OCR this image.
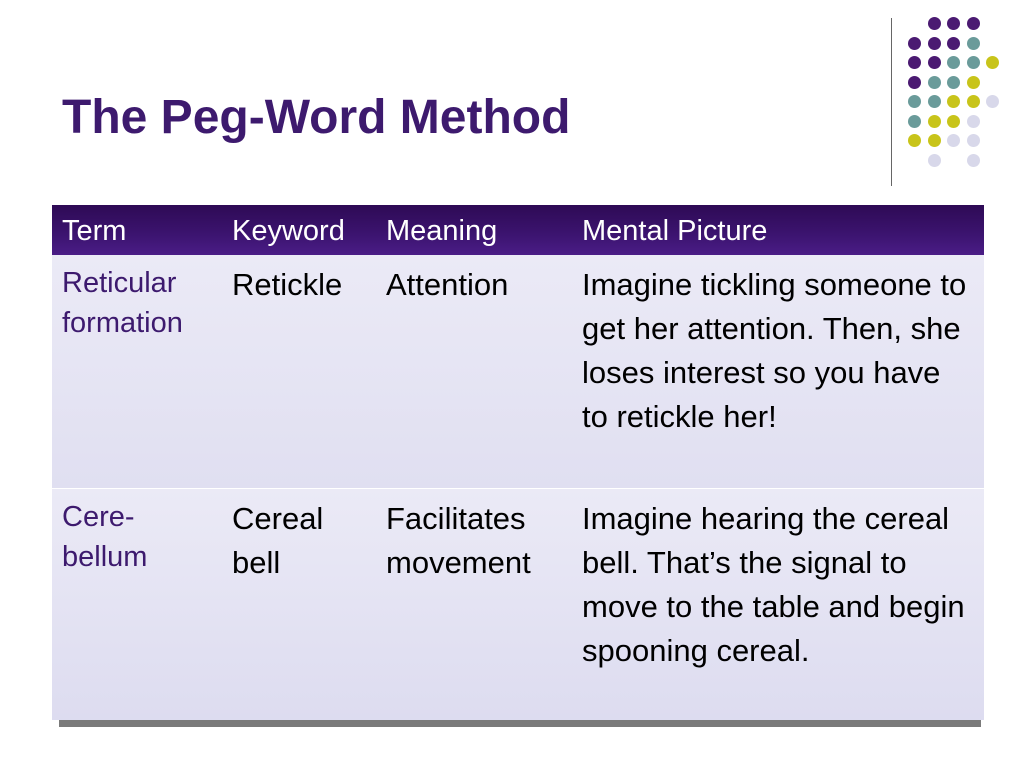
The Peg-Word Method
Term	Keyword	Meaning	Mental Picture
Reticular formation	Retickle	Attention	Imagine tickling someone to get her attention. Then, she loses interest so you have to retickle her!
Cere-bellum	Cereal bell	Facilitates movement	Imagine hearing the cereal bell. That’s the signal to move to the table and begin spooning cereal.
